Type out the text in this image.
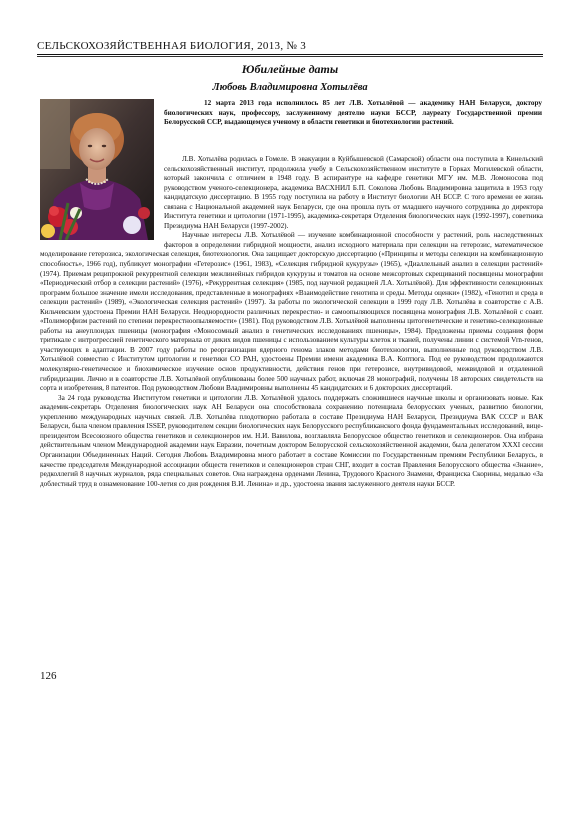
СЕЛЬСКОХОЗЯЙСТВЕННАЯ БИОЛОГИЯ, 2013, № 3
Юбилейные даты
Любовь Владимировна Хотылёва
12 марта 2013 года исполнилось 85 лет Л.В. Хотылёвой — академику НАН Беларуси, доктору биологических наук, профессору, заслуженному деятелю науки БССР, лауреату Государственной премии Белорусской ССР, выдающемуся ученому в области генетики и биотехнологии растений.

Л.В. Хотылёва родилась в Гомеле. В эвакуации в Куйбышевской (Самарской) области она поступила в Кинельский сельскохозяйственный институт, продолжила учебу в Сельскохозяйственном институте в Горках Могилевской области, который закончила с отличием в 1948 году. В аспирантуре на кафедре генетики МГУ им. М.В. Ломоносова под руководством ученого-селекционера, академика ВАСХНИЛ Б.П. Соколова Любовь Владимировна защитила в 1953 году кандидатскую диссертацию. В 1955 году поступила на работу в Институт биологии АН БССР. С того времени ее жизнь связана с Национальной академией наук Беларуси, где она прошла путь от младшего научного сотрудника до директора Института генетики и цитологии (1971-1995), академика-секретаря Отделения биологических наук (1992-1997), советника Президиума НАН Беларуси (1997-2002).

Научные интересы Л.В. Хотылёвой — изучение комбинационной способности у растений, роль наследственных факторов в определении гибридной мощности, анализ исходного материала при селекции на гетерозис, математическое моделирование гетерозиса, экологическая селекция, биотехнология. Она защищает докторскую диссертацию («Принципы и методы селекции на комбинационную способность», 1966 год), публикует монографии «Гетерозис» (1961, 1983), «Селекция гибридной кукурузы» (1965), «Диаллельный анализ в селекции растений» (1974). Приемам реципрокной рекуррентной селекции межлинейных гибридов кукурузы и томатов на основе межсортовых скрещиваний посвящены монографии «Периодический отбор в селекции растений» (1976), «Рекуррентная селекция» (1985, под научной редакцией Л.А. Хотылёвой). Для эффективности селекционных программ большое значение имели исследования, представленные в монографиях «Взаимодействие генотипа и среды. Методы оценки» (1982), «Генотип и среда в селекции растений» (1989), «Экологическая селекция растений» (1997). За работы по экологической селекции в 1999 году Л.В. Хотылёва в соавторстве с А.В. Кильчевским удостоена Премии НАН Беларуси. Неоднородности различных перекрестно- и самоопыляющихся посвящена монография Л.В. Хотылёвой с соавт. «Полиморфизм растений по степени перекрестноопыляемости» (1981). Под руководством Л.В. Хотылёвой выполнены цитогенетические и генетико-селекционные работы на анеуплоидах пшеницы (монография «Моносомный анализ в генетических исследованиях пшеницы», 1984). Предложены приемы создания форм тритикале с интрогрессией генетического материала от диких видов пшеницы с использованием культуры клеток и тканей, получены линии с системой Vrn-генов, участвующих в адаптации. В 2007 году работы по реорганизации ядерного генома злаков методами биотехнологии, выполненные под руководством Л.В. Хотылёвой совместно с Институтом цитологии и генетики СО РАН, удостоены Премии имени академика В.А. Коптюга. Под ее руководством продолжаются молекулярно-генетическое и биохимическое изучение основ продуктивности, действия генов при гетерозисе, внутривидовой, межвидовой и отдаленной гибридизации. Лично и в соавторстве Л.В. Хотылёвой опубликованы более 500 научных работ, включая 28 монографий, получены 18 авторских свидетельств на сорта и изобретения, 8 патентов. Под руководством Любови Владимировны выполнены 45 кандидатских и 6 докторских диссертаций.

За 24 года руководства Институтом генетики и цитологии Л.В. Хотылёвой удалось поддержать сложившиеся научные школы и организовать новые. Как академик-секретарь Отделения биологических наук АН Беларуси она способствовала сохранению потенциала белорусских ученых, развитию биологии, укреплению международных научных связей. Л.В. Хотылёва плодотворно работала в составе Президиума НАН Беларуси, Президиума ВАК СССР и ВАК Беларуси, была членом правления ISSEP, руководителем секции биологических наук Белорусского республиканского фонда фундаментальных исследований, вице-президентом Всесоюзного общества генетиков и селекционеров им. Н.И. Вавилова, возглавляла Белорусское общество генетиков и селекционеров. Она избрана действительным членом Международной академии наук Евразии, почетным доктором Белорусской сельскохозяйственной академии, была делегатом XXXI сессии Организации Объединенных Наций. Сегодня Любовь Владимировна много работает в составе Комиссии по Государственным премиям Республики Беларусь, в качестве председателя Международной ассоциации обществ генетиков и селекционеров стран СНГ, входит в состав Правления Белорусского общества «Знание», редколлегий 8 научных журналов, ряда специальных советов. Она награждена орденами Ленина, Трудового Красного Знамени, Франциска Скорины, медалью «За доблестный труд в ознаменование 100-летия со дня рождения В.И. Ленина» и др., удостоена звания заслуженного деятеля науки БССР.

126
